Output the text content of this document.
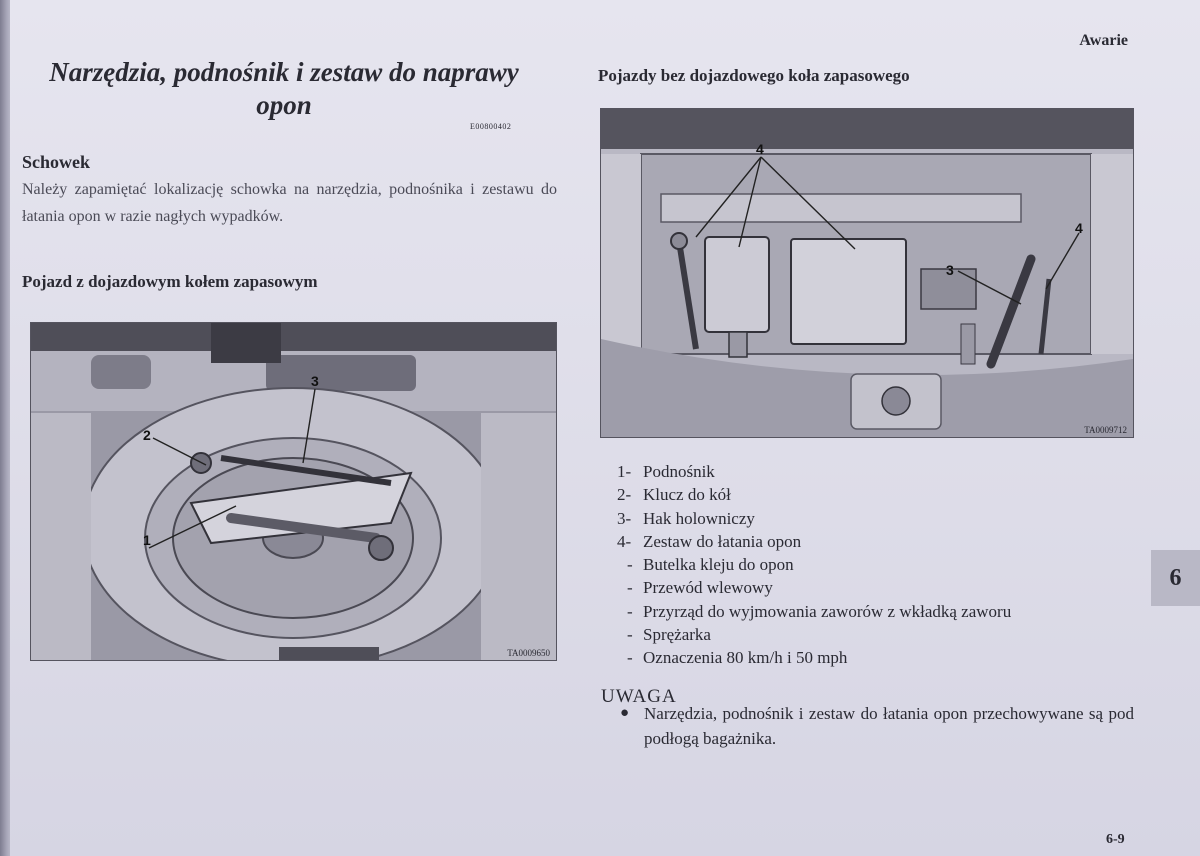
Awarie
Narzędzia, podnośnik i zestaw do naprawy
opon
E00800402
Schowek
Należy zapamiętać lokalizację schowka na narzędzia, podnośnika i zestawu do łatania opon w razie nagłych wypadków.
Pojazd z dojazdowym kołem zapasowym
1
2
3
TA0009650
Pojazdy bez dojazdowego koła zapasowego
3
4
4
TA0009712
1- Podnośnik
2- Klucz do kół
3- Hak holowniczy
4- Zestaw do łatania opon
- Butelka kleju do opon
- Przewód wlewowy
- Przyrząd do wyjmowania zaworów z wkładką zaworu
- Sprężarka
- Oznaczenia 80 km/h i 50 mph
UWAGA
● Narzędzia, podnośnik i zestaw do łatania opon przechowywane są pod podłogą bagażnika.
6
6-9
